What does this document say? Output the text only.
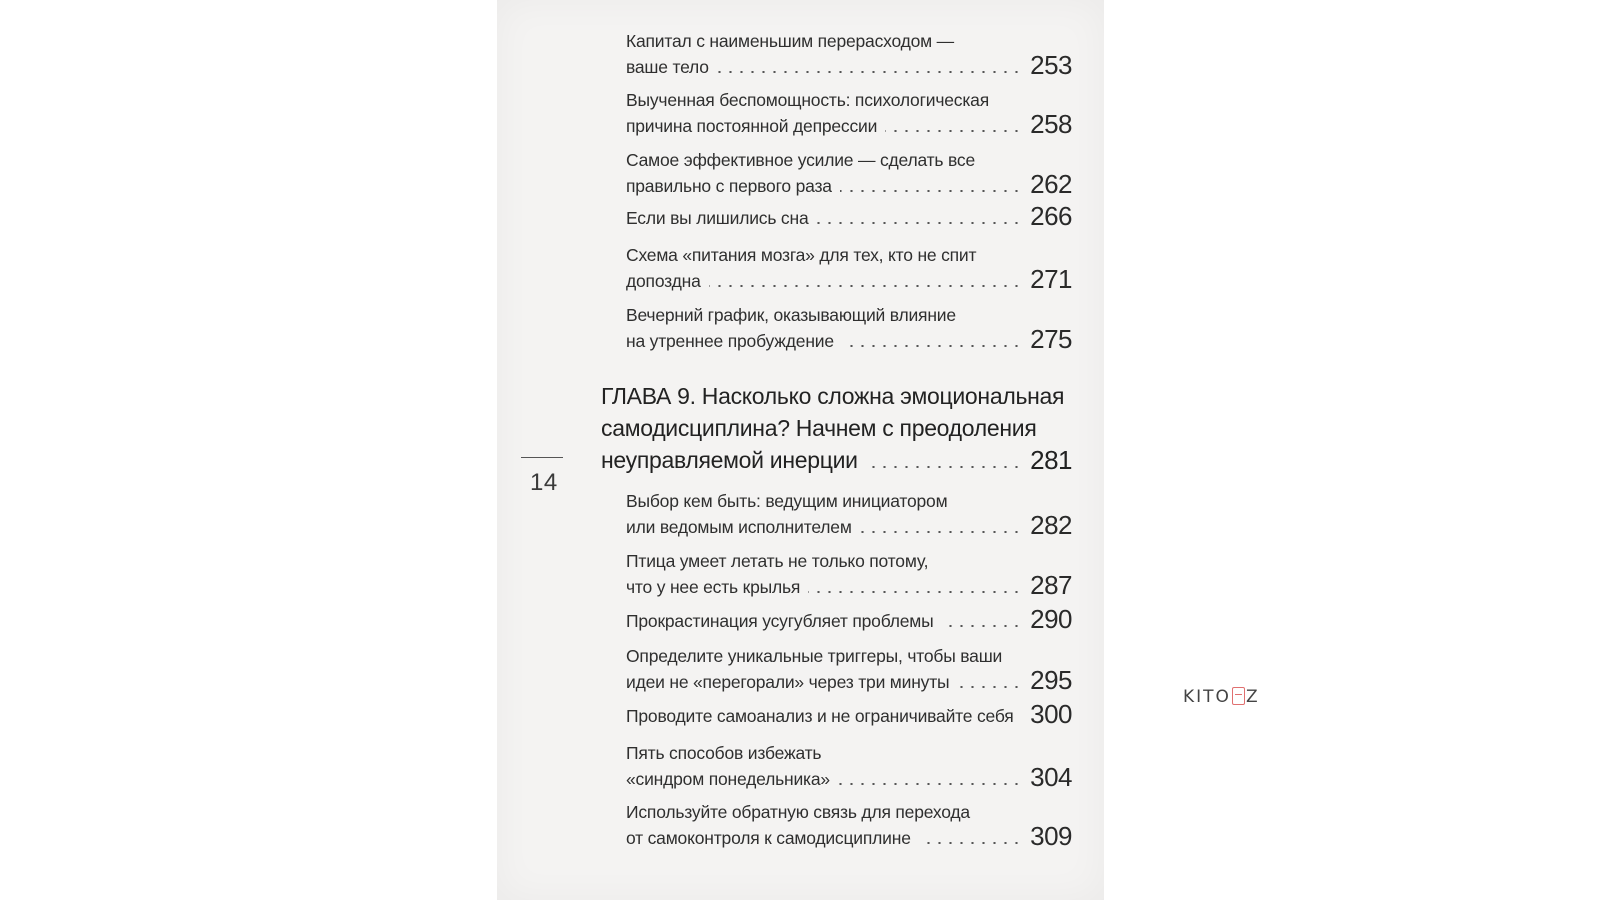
14
Капитал с наименьшим перерасходом —
ваше тело	253
Выученная беспомощность: психологическая
причина постоянной депрессии	258
Самое эффективное усилие — сделать все
правильно с первого раза	262
Если вы лишились сна	266
Схема «питания мозга» для тех, кто не спит
допоздна	271
Вечерний график, оказывающий влияние
на утреннее пробуждение	275
ГЛАВА 9. Насколько сложна эмоциональная
самодисциплина? Начнем с преодоления
неуправляемой инерции	281
Выбор кем быть: ведущим инициатором
или ведомым исполнителем	282
Птица умеет летать не только потому,
что у нее есть крылья	287
Прокрастинация усугубляет проблемы	290
Определите уникальные триггеры, чтобы ваши
идеи не «перегорали» через три минуты	295
Проводите самоанализ и не ограничивайте себя 300
Пять способов избежать
«синдром понедельника»	304
Используйте обратную связь для перехода
от самоконтроля к самодисциплине	309
KITO Z
